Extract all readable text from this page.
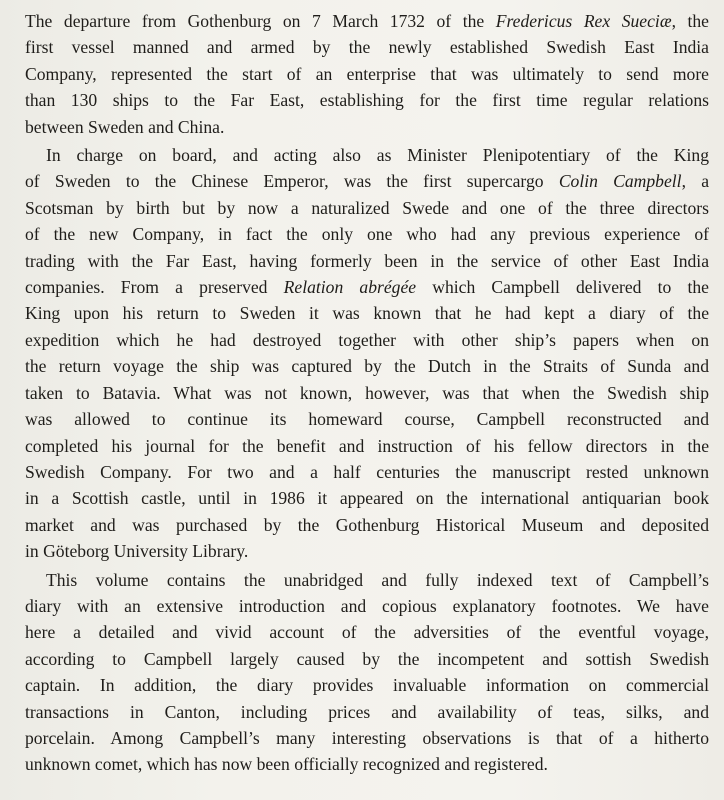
The departure from Gothenburg on 7 March 1732 of the Fredericus Rex Sueciæ, the
first vessel manned and armed by the newly established Swedish East India
Company, represented the start of an enterprise that was ultimately to send more
than 130 ships to the Far East, establishing for the first time regular relations
between Sweden and China.
In charge on board, and acting also as Minister Plenipotentiary of the King
of Sweden to the Chinese Emperor, was the first supercargo Colin Campbell, a
Scotsman by birth but by now a naturalized Swede and one of the three directors
of the new Company, in fact the only one who had any previous experience of
trading with the Far East, having formerly been in the service of other East India
companies. From a preserved Relation abrégée which Campbell delivered to the
King upon his return to Sweden it was known that he had kept a diary of the
expedition which he had destroyed together with other ship’s papers when on
the return voyage the ship was captured by the Dutch in the Straits of Sunda and
taken to Batavia. What was not known, however, was that when the Swedish ship
was allowed to continue its homeward course, Campbell reconstructed and
completed his journal for the benefit and instruction of his fellow directors in the
Swedish Company. For two and a half centuries the manuscript rested unknown
in a Scottish castle, until in 1986 it appeared on the international antiquarian book
market and was purchased by the Gothenburg Historical Museum and deposited
in Göteborg University Library.
This volume contains the unabridged and fully indexed text of Campbell’s
diary with an extensive introduction and copious explanatory footnotes. We have
here a detailed and vivid account of the adversities of the eventful voyage,
according to Campbell largely caused by the incompetent and sottish Swedish
captain. In addition, the diary provides invaluable information on commercial
transactions in Canton, including prices and availability of teas, silks, and
porcelain. Among Campbell’s many interesting observations is that of a hitherto
unknown comet, which has now been officially recognized and registered.
